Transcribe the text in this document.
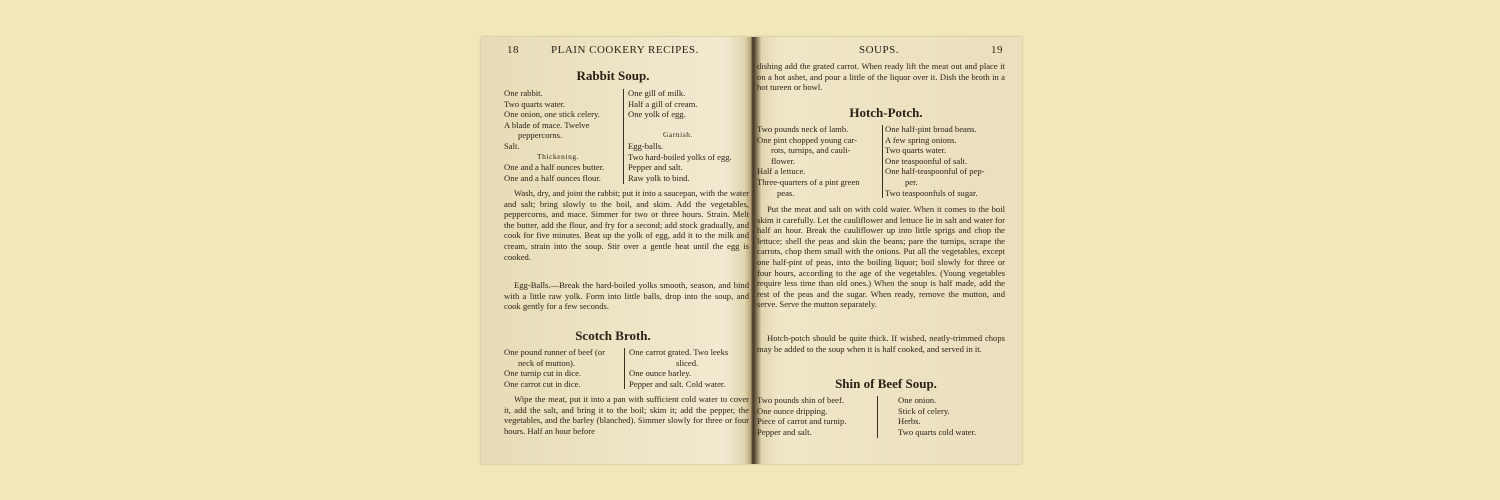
18	PLAIN COOKERY RECIPES.
Rabbit Soup.
One rabbit.
Two quarts water.
One onion, one stick celery.
A blade of mace. Twelve
peppercorns.
Salt.
Thickening.
One and a half ounces butter.
One and a half ounces flour.
One gill of milk.
Half a gill of cream.
One yolk of egg.
Garnish.
Egg-balls.
Two hard-boiled yolks of egg.
Pepper and salt.
Raw yolk to bind.
Wash, dry, and joint the rabbit; put it into a saucepan, with the water and salt; bring slowly to the boil, and skim. Add the vegetables, peppercorns, and mace. Simmer for two or three hours. Strain. Melt the butter, add the flour, and fry for a second; add stock gradually, and cook for five minutes. Beat up the yolk of egg, add it to the milk and cream, strain into the soup. Stir over a gentle heat until the egg is cooked.
Egg-Balls.—Break the hard-boiled yolks smooth, season, and bind with a little raw yolk. Form into little balls, drop into the soup, and cook gently for a few seconds.
Scotch Broth.
One pound runner of beef (or
neck of mutton).
One turnip cut in dice.
One carrot cut in dice.
One carrot grated. Two leeks
sliced.
One ounce barley.
Pepper and salt. Cold water.
Wipe the meat, put it into a pan with sufficient cold water to cover it, add the salt, and bring it to the boil; skim it; add the pepper, the vegetables, and the barley (blanched). Simmer slowly for three or four hours. Half an hour before
SOUPS.	19
dishing add the grated carrot. When ready lift the meat out and place it on a hot ashet, and pour a little of the liquor over it. Dish the broth in a hot tureen or bowl.
Hotch-Potch.
Two pounds neck of lamb.
One pint chopped young car-
rots, turnips, and cauli-
flower.
Half a lettuce.
Three-quarters of a pint green
peas.
One half-pint broad beans.
A few spring onions.
Two quarts water.
One teaspoonful of salt.
One half-teaspoonful of pep-
per.
Two teaspoonfuls of sugar.
Put the meat and salt on with cold water. When it comes to the boil skim it carefully. Let the cauliflower and lettuce lie in salt and water for half an hour. Break the cauliflower up into little sprigs and chop the lettuce; shell the peas and skin the beans; pare the turnips, scrape the carrots, chop them small with the onions. Put all the vegetables, except one half-pint of peas, into the boiling liquor; boil slowly for three or four hours, according to the age of the vegetables. (Young vegetables require less time than old ones.) When the soup is half made, add the rest of the peas and the sugar. When ready, remove the mutton, and serve. Serve the mutton separately.
Hotch-potch should be quite thick. If wished, neatly-trimmed chops may be added to the soup when it is half cooked, and served in it.
Shin of Beef Soup.
Two pounds shin of beef.
One ounce dripping.
Piece of carrot and turnip.
Pepper and salt.
One onion.
Stick of celery.
Herbs.
Two quarts cold water.
